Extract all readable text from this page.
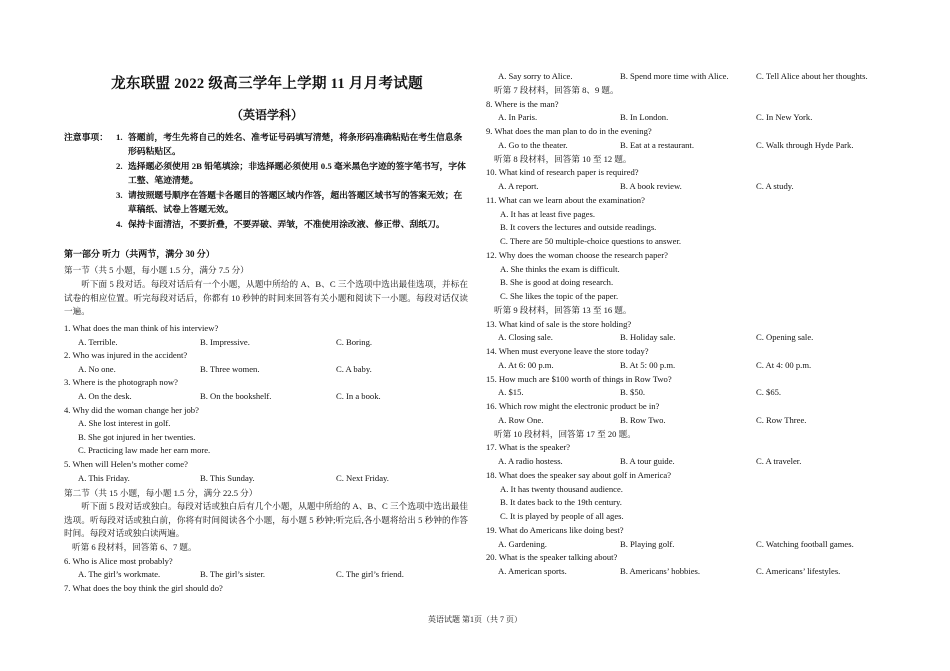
龙东联盟 2022 级高三学年上学期 11 月月考试题
（英语学科）
注意事项： 1. 答题前，考生先将自己的姓名、准考证号码填写清楚，将条形码准确粘贴在考生信息条形码粘贴区。
2. 选择题必须使用 2B 铅笔填涂；非选择题必须使用 0.5 毫米黑色字迹的签字笔书写，字体工整、笔迹清楚。
3. 请按照题号顺序在答题卡各题目的答题区域内作答，超出答题区域书写的答案无效；在草稿纸、试卷上答题无效。
4. 保持卡面清洁，不要折叠，不要弄破、弄皱，不准使用涂改液、修正带、刮纸刀。
第一部分 听力（共两节，满分 30 分）
第一节（共 5 小题，每小题 1.5 分，满分 7.5 分）
听下面 5 段对话。每段对话后有一个小题，从题中所给的 A、B、C 三个选项中选出最佳选项，并标在试卷的相应位置。听完每段对话后，你都有 10 秒钟的时间来回答有关小题和阅读下一小题。每段对话仅读一遍。
1. What does the man think of his interview?
A. Terrible.	B. Impressive.	C. Boring.
2. Who was injured in the accident?
A. No one.	B. Three women.	C. A baby.
3. Where is the photograph now?
A. On the desk.	B. On the bookshelf.	C. In a book.
4. Why did the woman change her job?
A. She lost interest in golf.
B. She got injured in her twenties.
C. Practicing law made her earn more.
5. When will Helen’s mother come?
A. This Friday.	B. This Sunday.	C. Next Friday.
第二节（共 15 小题，每小题 1.5 分，满分 22.5 分）
听下面 5 段对话或独白。每段对话或独白后有几个小题，从题中所给的 A、B、C 三个选项中选出最佳选项。听每段对话或独白前，你将有时间阅读各个小题，每小题 5 秒钟;听完后,各小题将给出 5 秒钟的作答时间。每段对话或独白读两遍。
听第 6 段材料，回答第 6、7 题。
6. Who is Alice most probably?
A. The girl’s workmate.	B. The girl’s sister.	C. The girl’s friend.
7. What does the boy think the girl should do?
A. Say sorry to Alice.	B. Spend more time with Alice.	C. Tell Alice about her thoughts.
听第 7 段材料，回答第 8、9 题。
8. Where is the man?
A. In Paris.	B. In London.	C. In New York.
9. What does the man plan to do in the evening?
A. Go to the theater.	B. Eat at a restaurant.	C. Walk through Hyde Park.
听第 8 段材料，回答第 10 至 12 题。
10. What kind of research paper is required?
A. A report.	B. A book review.	C. A study.
11. What can we learn about the examination?
A. It has at least five pages.
B. It covers the lectures and outside readings.
C. There are 50 multiple-choice questions to answer.
12. Why does the woman choose the research paper?
A. She thinks the exam is difficult.
B. She is good at doing research.
C. She likes the topic of the paper.
听第 9 段材料，回答第 13 至 16 题。
13. What kind of sale is the store holding?
A. Closing sale.	B. Holiday sale.	C. Opening sale.
14. When must everyone leave the store today?
A. At 6: 00 p.m.	B. At 5: 00 p.m.	C. At 4: 00 p.m.
15. How much are $100 worth of things in Row Two?
A. $15.	B. $50.	C. $65.
16. Which row might the electronic product be in?
A. Row One.	B. Row Two.	C. Row Three.
听第 10 段材料，回答第 17 至 20 题。
17. What is the speaker?
A. A radio hostess.	B. A tour guide.	C. A traveler.
18. What does the speaker say about golf in America?
A. It has twenty thousand audience.
B. It dates back to the 19th century.
C. It is played by people of all ages.
19. What do Americans like doing best?
A. Gardening.	B. Playing golf.	C. Watching football games.
20. What is the speaker talking about?
A. American sports.	B. Americans’ hobbies.	C. Americans’ lifestyles.
英语试题 第1页（共 7 页）
